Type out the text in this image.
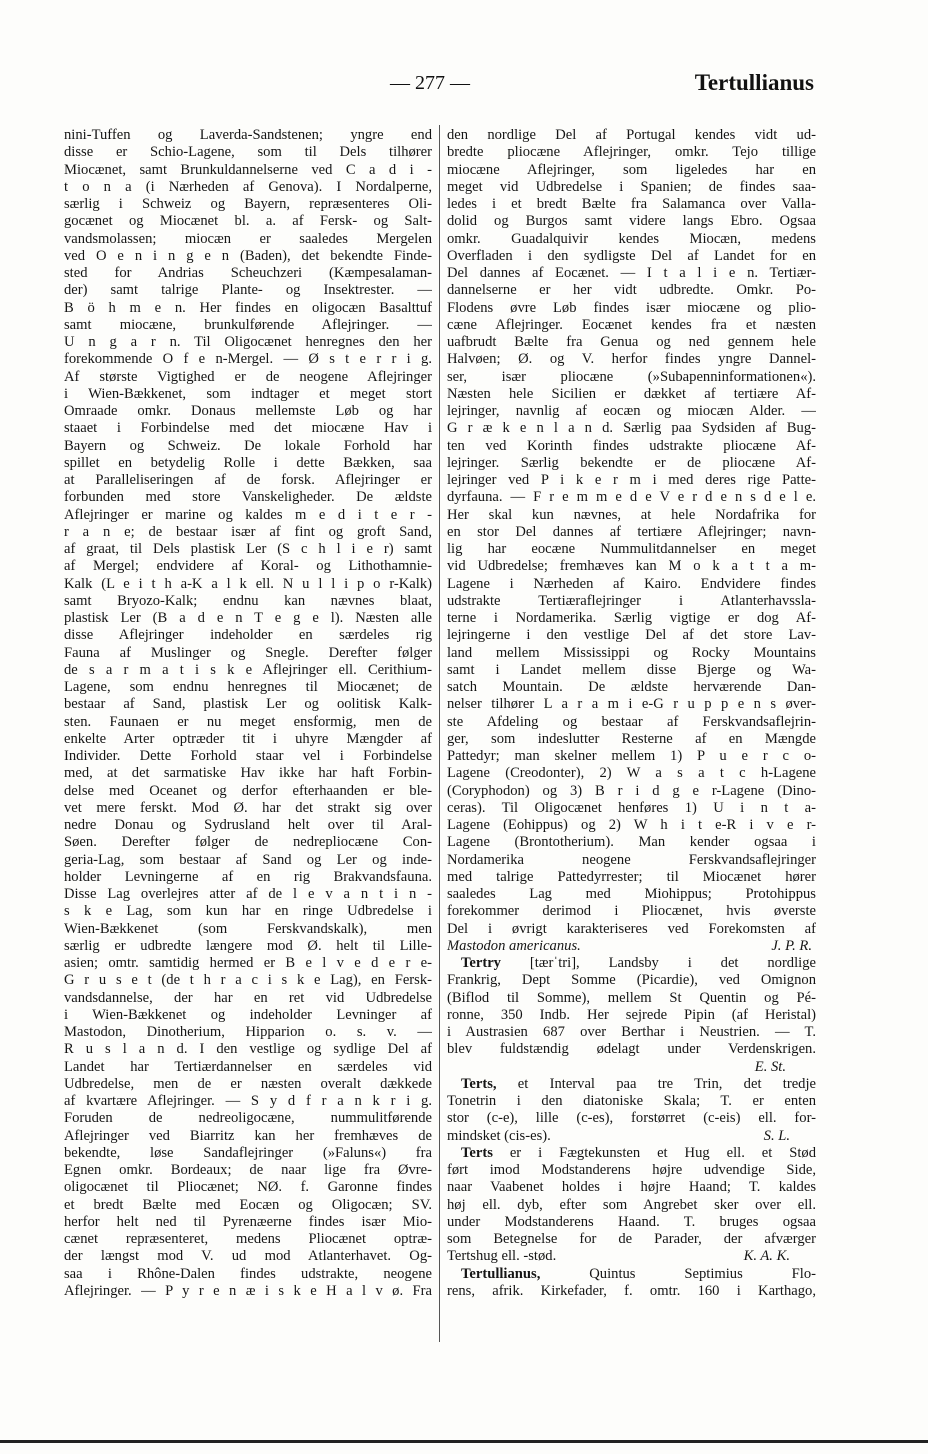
— 277 —	Tertullianus
nini-Tuffen og Laverda-Sandstenen; yngre end
disse er Schio-Lagene, som til Dels tilhører
Miocænet, samt Brunkuldannelserne ved C a d i -
t o n a (i Nærheden af Genova). I Nordalperne,
særlig i Schweiz og Bayern, repræsenteres Oli-
gocænet og Miocænet bl. a. af Fersk- og Salt-
vandsmolassen; miocæn er saaledes Mergelen
ved O e n i n g e n (Baden), det bekendte Finde-
sted for Andrias Scheuchzeri (Kæmpesalaman-
der) samt talrige Plante- og Insektrester. —
B ö h m e n. Her findes en oligocæn Basalttuf
samt miocæne, brunkulførende Aflejringer. —
U n g a r n. Til Oligocænet henregnes den her
forekommende O f e n-Mergel. — Ø s t e r r i g.
Af største Vigtighed er de neogene Aflejringer
i Wien-Bækkenet, som indtager et meget stort
Omraade omkr. Donaus mellemste Løb og har
staaet i Forbindelse med det miocæne Hav i
Bayern og Schweiz. De lokale Forhold har
spillet en betydelig Rolle i dette Bækken, saa
at Paralleliseringen af de forsk. Aflejringer er
forbunden med store Vanskeligheder. De ældste
Aflejringer er marine og kaldes m e d i t e r -
r a n e; de bestaar især af fint og groft Sand,
af graat, til Dels plastisk Ler (S c h l i e r) samt
af Mergel; endvidere af Koral- og Lithothamnie-
Kalk (L e i t h a-K a l k ell. N u l l i p o r-Kalk)
samt Bryozo-Kalk; endnu kan nævnes blaat,
plastisk Ler (B a d e n T e g e l). Næsten alle
disse Aflejringer indeholder en særdeles rig
Fauna af Muslinger og Snegle. Derefter følger
de s a r m a t i s k e Aflejringer ell. Cerithium-
Lagene, som endnu henregnes til Miocænet; de
bestaar af Sand, plastisk Ler og oolitisk Kalk-
sten. Faunaen er nu meget ensformig, men de
enkelte Arter optræder tit i uhyre Mængder af
Individer. Dette Forhold staar vel i Forbindelse
med, at det sarmatiske Hav ikke har haft Forbin-
delse med Oceanet og derfor efterhaanden er ble-
vet mere ferskt. Mod Ø. har det strakt sig over
nedre Donau og Sydrusland helt over til Aral-
Søen. Derefter følger de nedrepliocæne Con-
geria-Lag, som bestaar af Sand og Ler og inde-
holder Levningerne af en rig Brakvandsfauna.
Disse Lag overlejres atter af de l e v a n t i n -
s k e Lag, som kun har en ringe Udbredelse i
Wien-Bækkenet (som Ferskvandskalk), men
særlig er udbredte længere mod Ø. helt til Lille-
asien; omtr. samtidig hermed er B e l v e d e r e-
G r u s e t (de t h r a c i s k e Lag), en Fersk-
vandsdannelse, der har en ret vid Udbredelse
i Wien-Bækkenet og indeholder Levninger af
Mastodon, Dinotherium, Hipparion o. s. v. —
R u s l a n d. I den vestlige og sydlige Del af
Landet har Tertiærdannelser en særdeles vid
Udbredelse, men de er næsten overalt dækkede
af kvartære Aflejringer. — S y d f r a n k r i g.
Foruden de nedreoligocæne, nummulitførende
Aflejringer ved Biarritz kan her fremhæves de
bekendte, løse Sandaflejringer (»Faluns«) fra
Egnen omkr. Bordeaux; de naar lige fra Øvre-
oligocænet til Pliocænet; NØ. f. Garonne findes
et bredt Bælte med Eocæn og Oligocæn; SV.
herfor helt ned til Pyrenæerne findes især Mio-
cænet repræsenteret, medens Pliocænet optræ-
der længst mod V. ud mod Atlanterhavet. Og-
saa i Rhône-Dalen findes udstrakte, neogene
Aflejringer. — P y r e n æ i s k e H a l v ø. Fra
den nordlige Del af Portugal kendes vidt ud-
bredte pliocæne Aflejringer, omkr. Tejo tillige
miocæne Aflejringer, som ligeledes har en
meget vid Udbredelse i Spanien; de findes saa-
ledes i et bredt Bælte fra Salamanca over Valla-
dolid og Burgos samt videre langs Ebro. Ogsaa
omkr. Guadalquivir kendes Miocæn, medens
Overfladen i den sydligste Del af Landet for en
Del dannes af Eocænet. — I t a l i e n. Tertiær-
dannelserne er her vidt udbredte. Omkr. Po-
Flodens øvre Løb findes især miocæne og plio-
cæne Aflejringer. Eocænet kendes fra et næsten
uafbrudt Bælte fra Genua og ned gennem hele
Halvøen; Ø. og V. herfor findes yngre Dannel-
ser, især pliocæne (»Subapenninformationen«).
Næsten hele Sicilien er dækket af tertiære Af-
lejringer, navnlig af eocæn og miocæn Alder. —
G r æ k e n l a n d. Særlig paa Sydsiden af Bug-
ten ved Korinth findes udstrakte pliocæne Af-
lejringer. Særlig bekendte er de pliocæne Af-
lejringer ved P i k e r m i med deres rige Patte-
dyrfauna. — F r e m m e d e V e r d e n s d e l e.
Her skal kun nævnes, at hele Nordafrika for
en stor Del dannes af tertiære Aflejringer; navn-
lig har eocæne Nummulitdannelser en meget
vid Udbredelse; fremhæves kan M o k a t t a m-
Lagene i Nærheden af Kairo. Endvidere findes
udstrakte Tertiæraflejringer i Atlanterhavssla-
terne i Nordamerika. Særlig vigtige er dog Af-
lejringerne i den vestlige Del af det store Lav-
land mellem Mississippi og Rocky Mountains
samt i Landet mellem disse Bjerge og Wa-
satch Mountain. De ældste herværende Dan-
nelser tilhører L a r a m i e-G r u p p e n s øver-
ste Afdeling og bestaar af Ferskvandsaflejrin-
ger, som indeslutter Resterne af en Mængde
Pattedyr; man skelner mellem 1) P u e r c o-
Lagene (Creodonter), 2) W a s a t c h-Lagene
(Coryphodon) og 3) B r i d g e r-Lagene (Dino-
ceras). Til Oligocænet henføres 1) U i n t a-
Lagene (Eohippus) og 2) W h i t e-R i v e r-
Lagene (Brontotherium). Man kender ogsaa i
Nordamerika neogene Ferskvandsaflejringer
med talrige Pattedyrrester; til Miocænet hører
saaledes Lag med Miohippus; Protohippus
forekommer derimod i Pliocænet, hvis øverste
Del i øvrigt karakteriseres ved Forekomsten af
Mastodon americanus.	J. P. R.
Tertry [tærˈtri], Landsby i det nordlige
Frankrig, Dept Somme (Picardie), ved Omignon
(Biflod til Somme), mellem St Quentin og Pé-
ronne, 350 Indb. Her sejrede Pipin (af Heristal)
i Austrasien 687 over Berthar i Neustrien. — T.
blev fuldstændig ødelagt under Verdenskrigen.
E. St.
Terts, et Interval paa tre Trin, det tredje
Tonetrin i den diatoniske Skala; T. er enten
stor (c-e), lille (c-es), forstørret (c-eis) ell. for-
mindsket (cis-es).	S. L.
Terts er i Fægtekunsten et Hug ell. et Stød
ført imod Modstanderens højre udvendige Side,
naar Vaabenet holdes i højre Haand; T. kaldes
høj ell. dyb, efter som Angrebet sker over ell.
under Modstanderens Haand. T. bruges ogsaa
som Betegnelse for de Parader, der afværger
Tertshug ell. -stød.	K. A. K.
Tertullianus, Quintus Septimius Flo-
rens, afrik. Kirkefader, f. omtr. 160 i Karthago,
